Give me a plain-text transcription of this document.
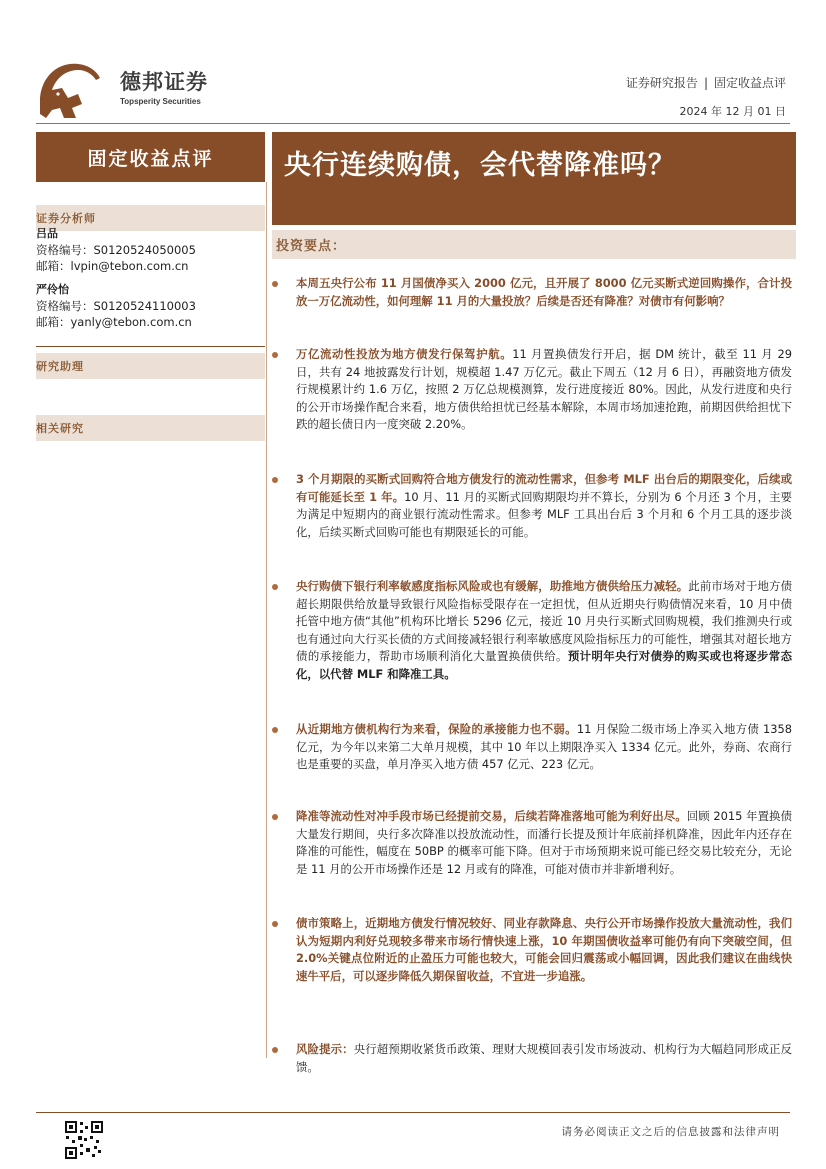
德邦证券
Topsperity Securities
证券研究报告 | 固定收益点评
2024 年 12 月 01 日
固定收益点评	央行连续购债，会代替降准吗？
证券分析师
吕品
资格编号：S0120524050005
邮箱：lvpin@tebon.com.cn
严伶怡
资格编号：S0120524110003
邮箱：yanly@tebon.com.cn
研究助理
相关研究
投资要点：
本周五央行公布 11 月国债净买入 2000 亿元，且开展了 8000 亿元买断式逆回购操作，合计投放一万亿流动性，如何理解 11 月的大量投放？后续是否还有降准？对债市有何影响？
万亿流动性投放为地方债发行保驾护航。11 月置换债发行开启，据 DM 统计，截至 11 月 29 日，共有 24 地披露发行计划，规模超 1.47 万亿元。截止下周五（12 月 6 日），再融资地方债发行规模累计约 1.6 万亿，按照 2 万亿总规模测算，发行进度接近 80%。因此，从发行进度和央行的公开市场操作配合来看，地方债供给担忧已经基本解除，本周市场加速抢跑，前期因供给担忧下跌的超长债日内一度突破 2.20%。
3 个月期限的买断式回购符合地方债发行的流动性需求，但参考 MLF 出台后的期限变化，后续或有可能延长至 1 年。10 月、11 月的买断式回购期限均并不算长，分别为 6 个月还 3 个月，主要为满足中短期内的商业银行流动性需求。但参考 MLF 工具出台后 3 个月和 6 个月工具的逐步淡化，后续买断式回购可能也有期限延长的可能。
央行购债下银行利率敏感度指标风险或也有缓解，助推地方债供给压力减轻。此前市场对于地方债超长期限供给放量导致银行风险指标受限存在一定担忧，但从近期央行购债情况来看，10 月中债托管中地方债“其他”机构环比增长 5296 亿元，接近 10 月央行买断式回购规模，我们推测央行或也有通过向大行买长债的方式间接减轻银行利率敏感度风险指标压力的可能性，增强其对超长地方债的承接能力，帮助市场顺利消化大量置换债供给。预计明年央行对债券的购买或也将逐步常态化，以代替 MLF 和降准工具。
从近期地方债机构行为来看，保险的承接能力也不弱。11 月保险二级市场上净买入地方债 1358 亿元，为今年以来第二大单月规模，其中 10 年以上期限净买入 1334 亿元。此外，券商、农商行也是重要的买盘，单月净买入地方债 457 亿元、223 亿元。
降准等流动性对冲手段市场已经提前交易，后续若降准落地可能为利好出尽。回顾 2015 年置换债大量发行期间，央行多次降准以投放流动性，而潘行长提及预计年底前择机降准，因此年内还存在降准的可能性，幅度在 50BP 的概率可能下降。但对于市场预期来说可能已经交易比较充分，无论是 11 月的公开市场操作还是 12 月或有的降准，可能对债市并非新增利好。
债市策略上，近期地方债发行情况较好、同业存款降息、央行公开市场操作投放大量流动性，我们认为短期内利好兑现较多带来市场行情快速上涨，10 年期国债收益率可能仍有向下突破空间，但 2.0%关键点位附近的止盈压力可能也较大，可能会回归震荡或小幅回调，因此我们建议在曲线快速牛平后，可以逐步降低久期保留收益，不宜进一步追涨。
风险提示：央行超预期收紧货币政策、理财大规模回表引发市场波动、机构行为大幅趋同形成正反馈。
请务必阅读正文之后的信息披露和法律声明
